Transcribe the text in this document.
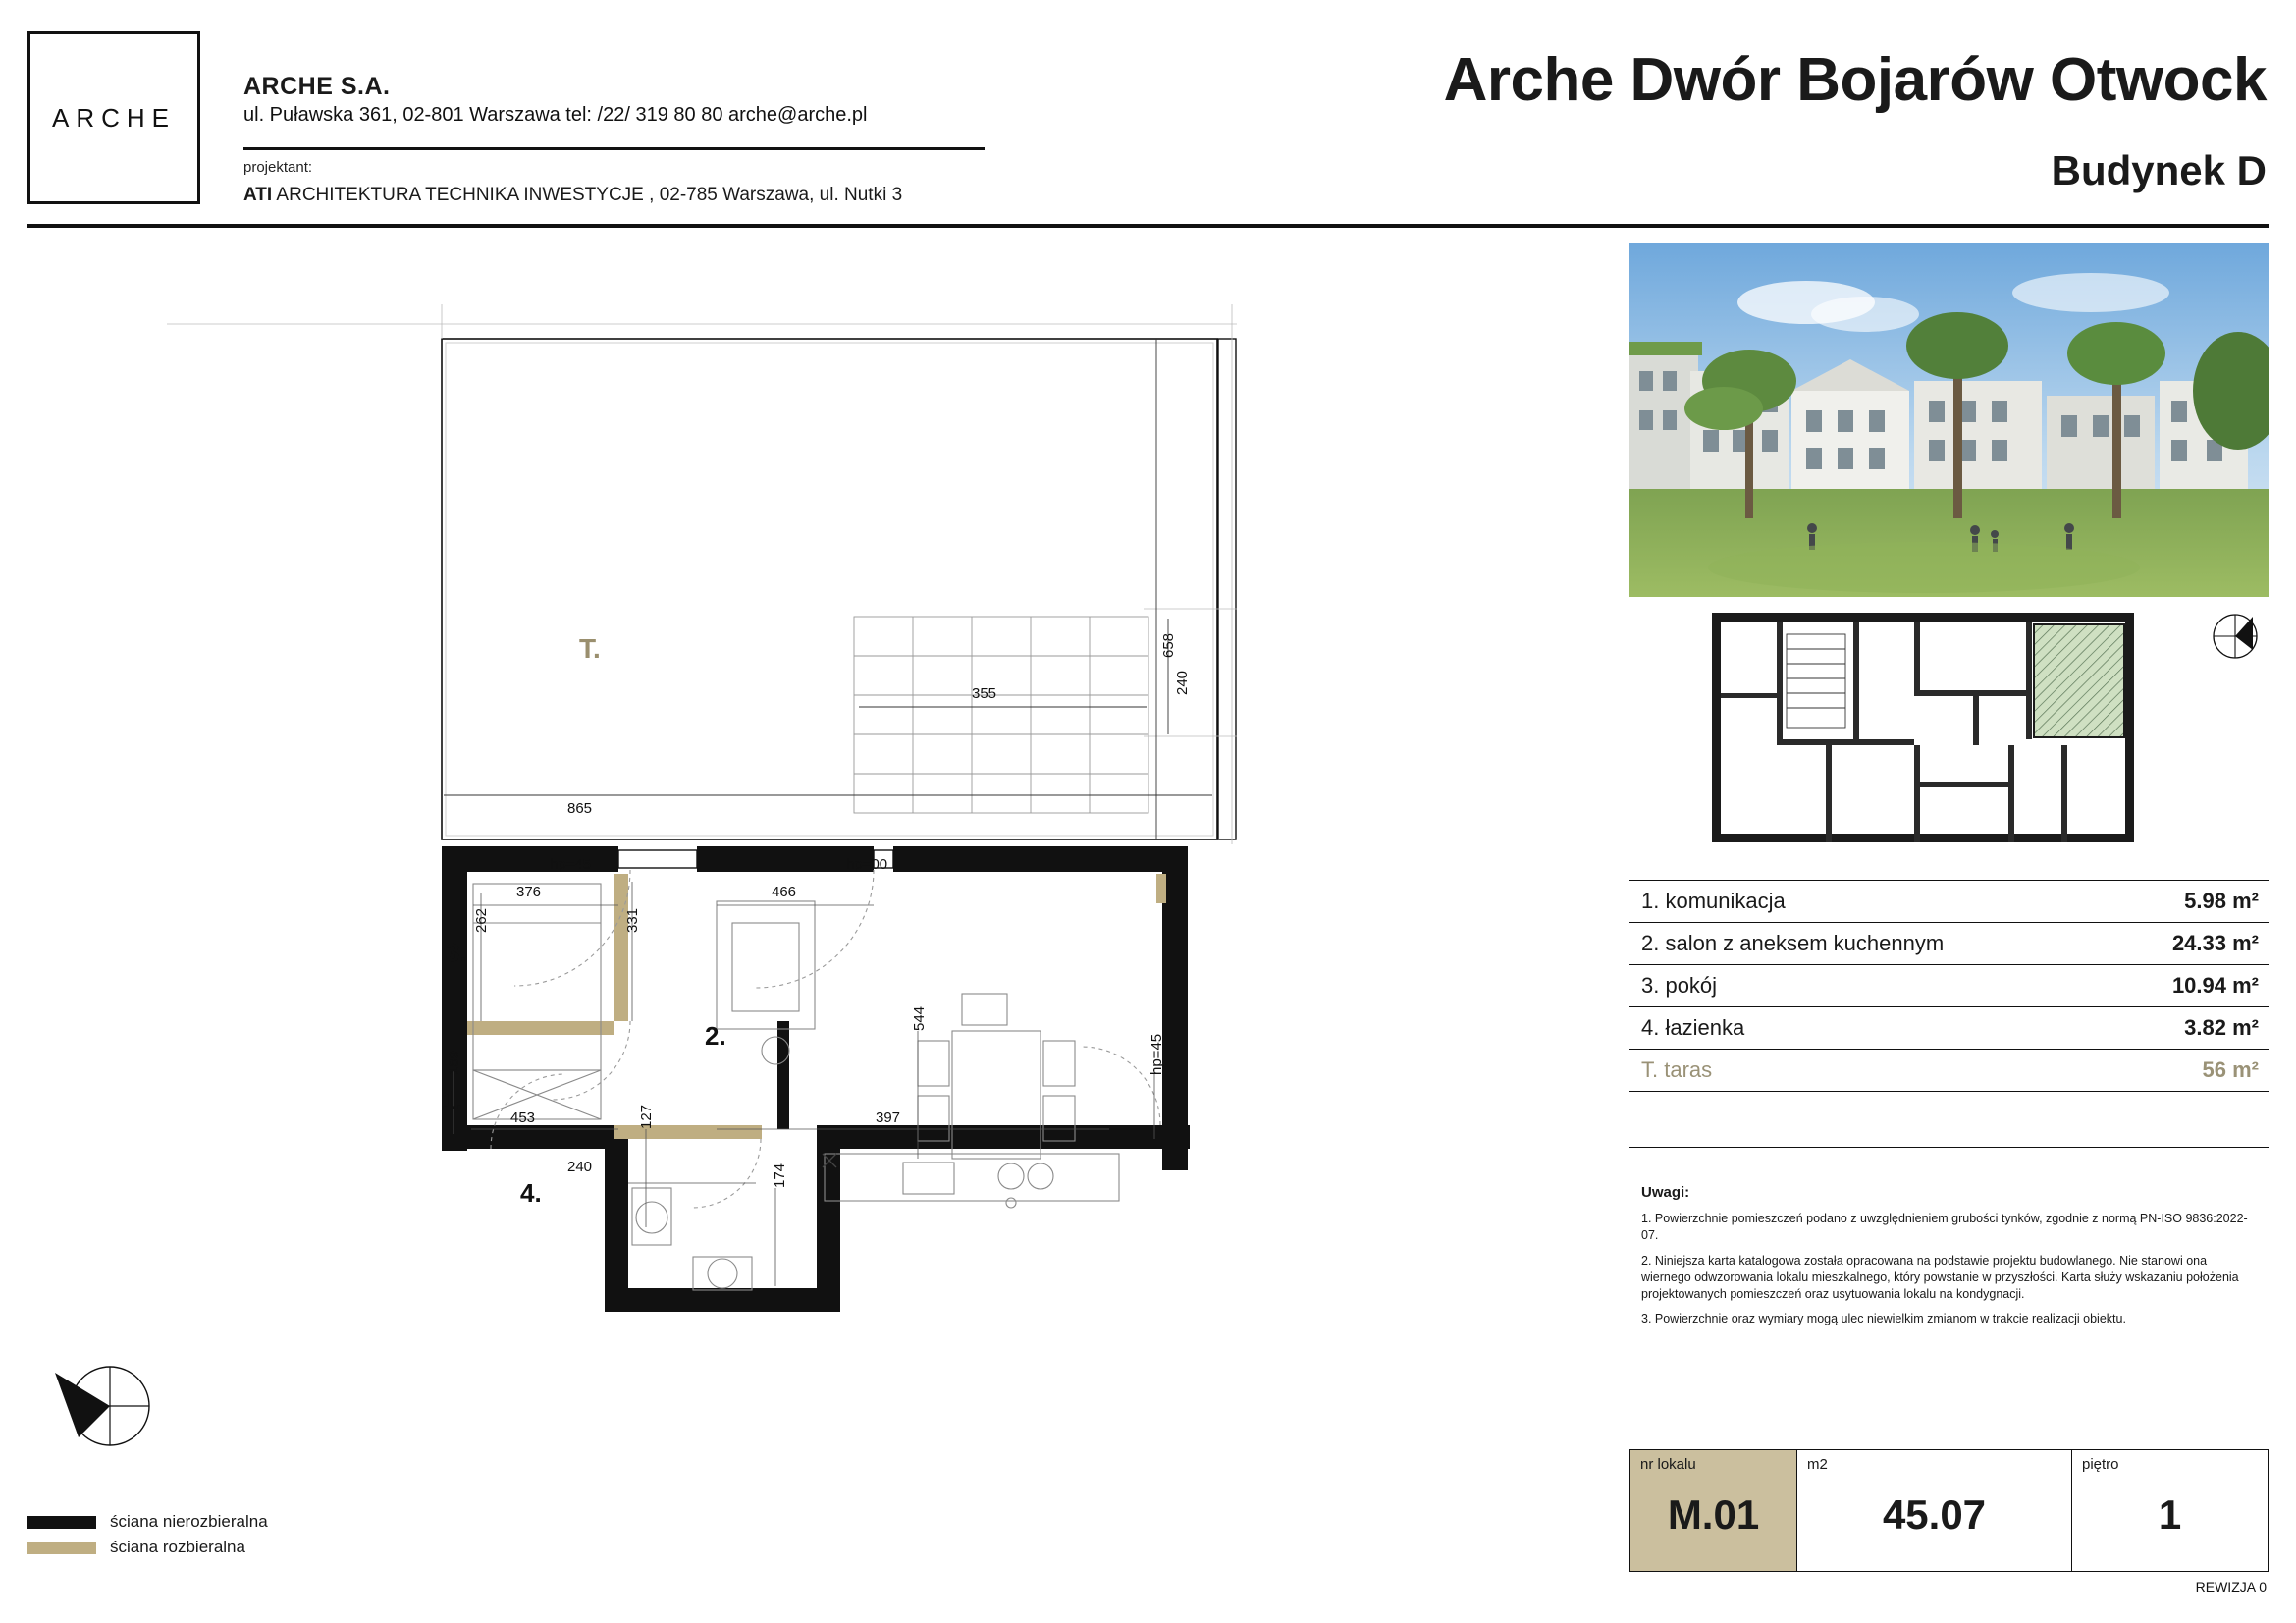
ARCHE
ARCHE S.A.
ul. Puławska 361, 02-801 Warszawa tel: /22/ 319 80 80 arche@arche.pl
projektant:
ATI ARCHITEKTURA TECHNIKA INWESTYCJE , 02-785 Warszawa, ul. Nutki 3
Arche Dwór Bojarów Otwock
Budynek D
T.
3.
2.
1.
4.
865
658
355	240
376
262
466
331
544
189
453	127	397
240	174
hp=45
hp=45	hp=00
ściana nierozbieralna
ściana rozbieralna
1. komunikacja	5.98 m²
2. salon z aneksem kuchennym	24.33 m²
3. pokój	10.94 m²
4. łazienka	3.82 m²
T. taras	56 m²
Uwagi:
1. Powierzchnie pomieszczeń podano z uwzględnieniem grubości tynków, zgodnie z normą PN-ISO 9836:2022-07.
2. Niniejsza karta katalogowa została opracowana na podstawie projektu budowlanego. Nie stanowi ona wiernego odwzorowania lokalu mieszkalnego, który powstanie w przyszłości. Karta służy wskazaniu położenia projektowanych pomieszczeń oraz usytuowania lokalu na kondygnacji.
3. Powierzchnie oraz wymiary mogą ulec niewielkim zmianom w trakcie realizacji obiektu.
nr lokalu
M.01
m2
45.07
piętro
1
REWIZJA 0
